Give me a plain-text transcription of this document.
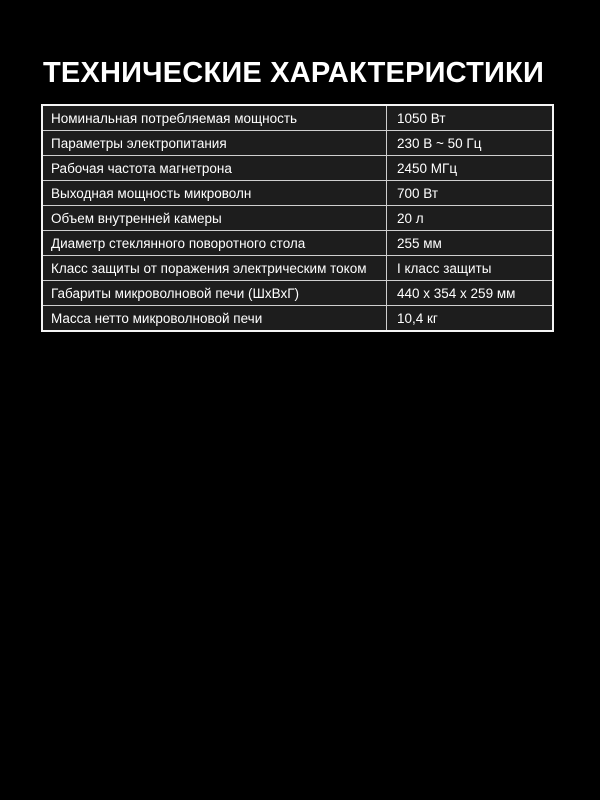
ТЕХНИЧЕСКИЕ ХАРАКТЕРИСТИКИ
Номинальная потребляемая мощность	1050 Вт
Параметры электропитания	230 В ~ 50 Гц
Рабочая частота магнетрона	2450 МГц
Выходная мощность микроволн	700 Вт
Объем внутренней камеры	20 л
Диаметр стеклянного поворотного стола	255 мм
Класс защиты от поражения электрическим током	I класс защиты
Габариты микроволновой печи (ШхВхГ)	440 х 354 х 259 мм
Масса нетто микроволновой печи	10,4 кг
